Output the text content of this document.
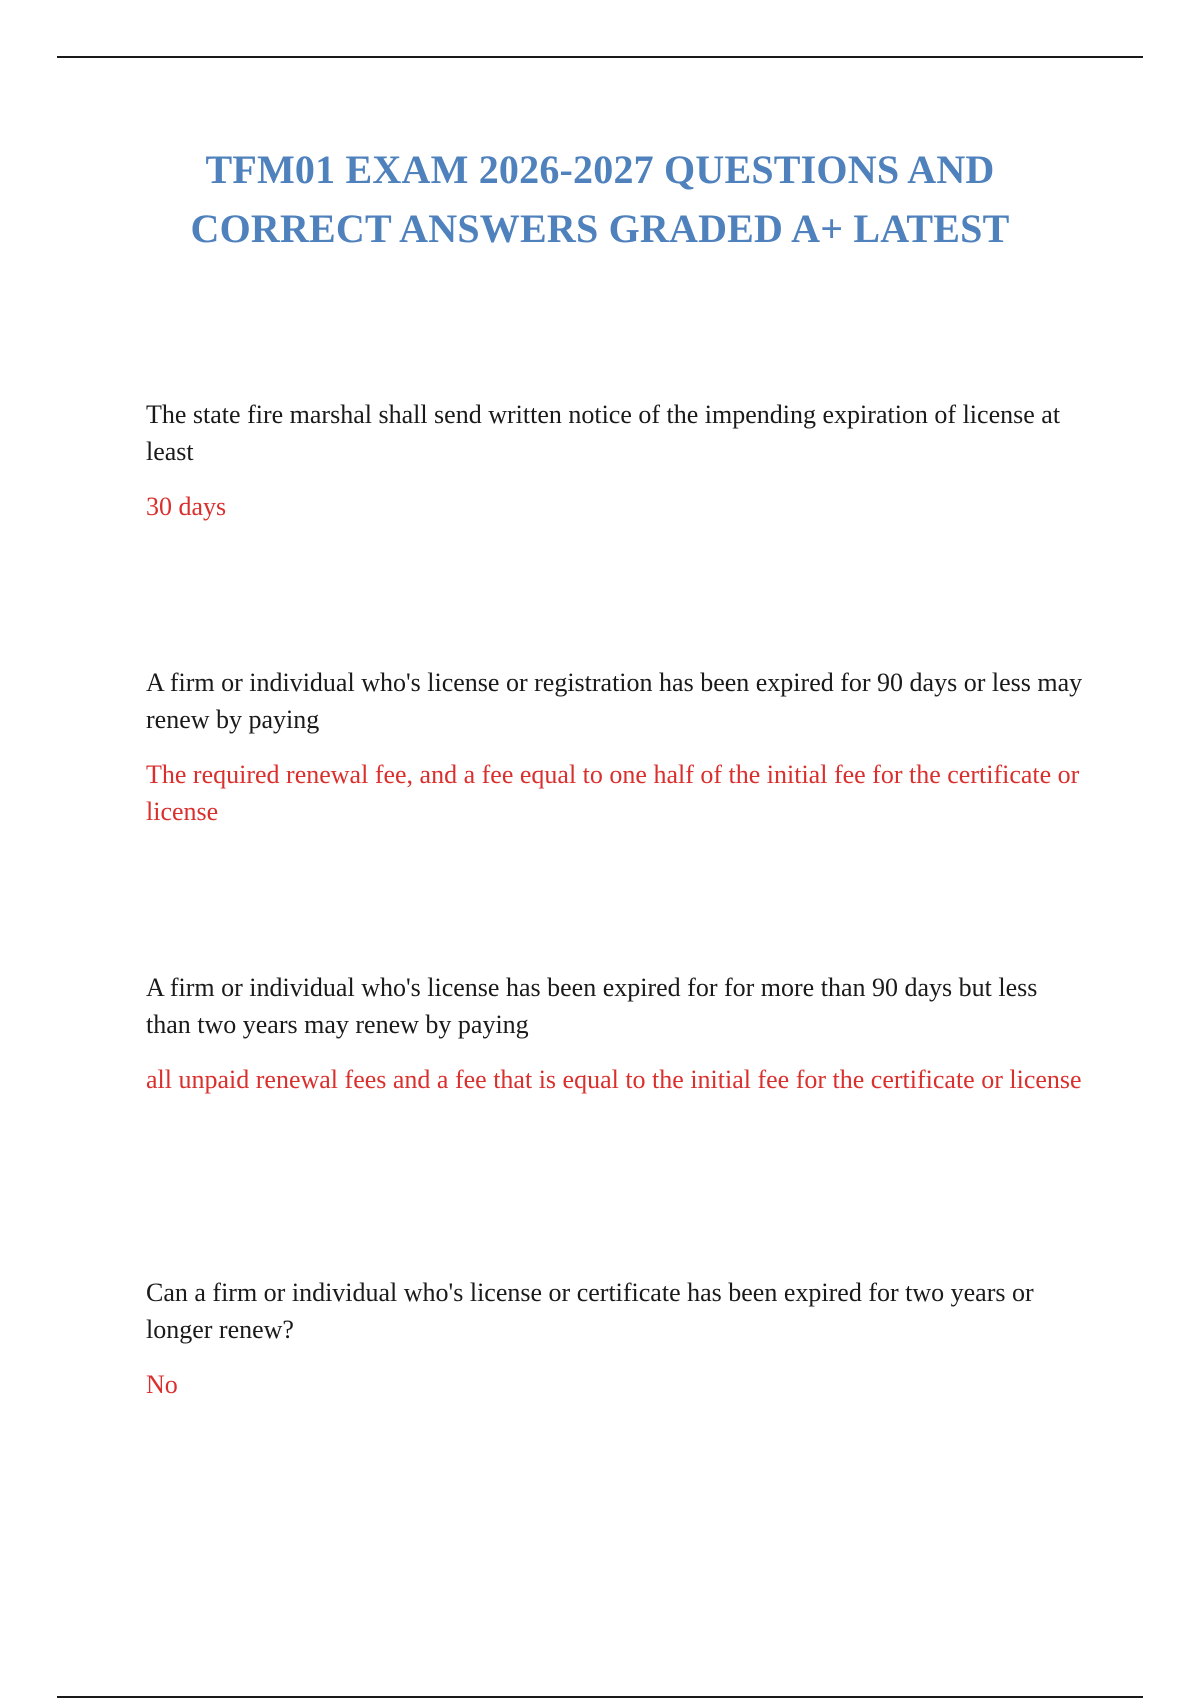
TFM01 EXAM 2026-2027 QUESTIONS AND CORRECT ANSWERS GRADED A+ LATEST

The state fire marshal shall send written notice of the impending expiration of license at least

30 days

A firm or individual who's license or registration has been expired for 90 days or less may renew by paying

The required renewal fee, and a fee equal to one half of the initial fee for the certificate or license

A firm or individual who's license has been expired for for more than 90 days but less than two years may renew by paying

all unpaid renewal fees and a fee that is equal to the initial fee for the certificate or license

Can a firm or individual who's license or certificate has been expired for two years or longer renew?

No
